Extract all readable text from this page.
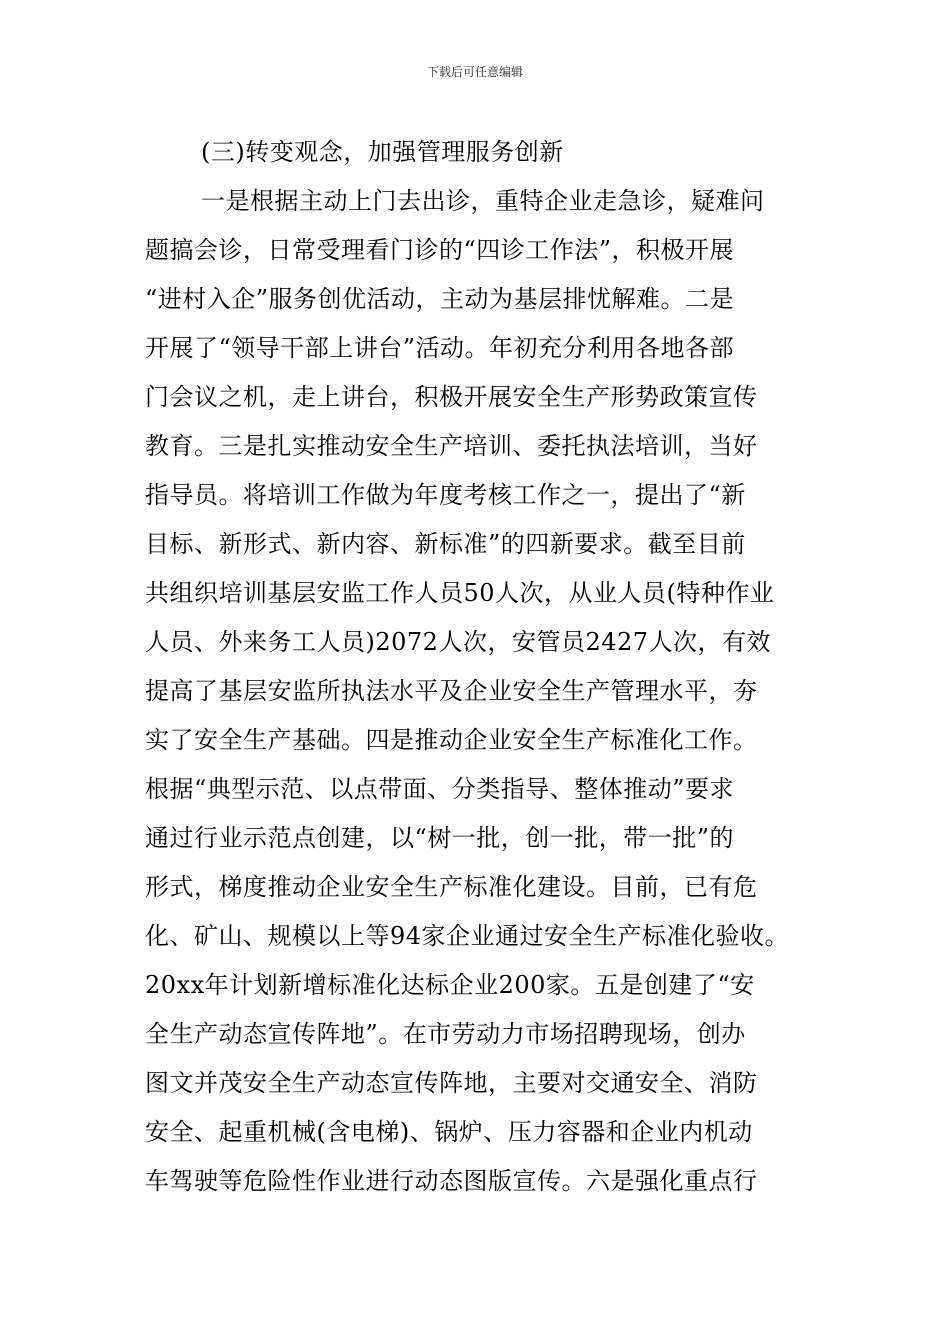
下载后可任意编辑
(三)转变观念，加强管理服务创新
一是根据主动上门去出诊，重特企业走急诊，疑难问
题搞会诊，日常受理看门诊的“四诊工作法”，积极开展
“进村入企”服务创优活动，主动为基层排忧解难。二是
开展了“领导干部上讲台”活动。年初充分利用各地各部
门会议之机，走上讲台，积极开展安全生产形势政策宣传
教育。三是扎实推动安全生产培训、委托执法培训，当好
指导员。将培训工作做为年度考核工作之一，提出了“新
目标、新形式、新内容、新标准”的四新要求。截至目前
共组织培训基层安监工作人员50人次，从业人员(特种作业
人员、外来务工人员)2072人次，安管员2427人次，有效
提高了基层安监所执法水平及企业安全生产管理水平，夯
实了安全生产基础。四是推动企业安全生产标准化工作。
根据“典型示范、以点带面、分类指导、整体推动”要求
通过行业示范点创建，以“树一批，创一批，带一批”的
形式，梯度推动企业安全生产标准化建设。目前，已有危
化、矿山、规模以上等94家企业通过安全生产标准化验收。
20xx年计划新增标准化达标企业200家。五是创建了“安
全生产动态宣传阵地”。在市劳动力市场招聘现场，创办
图文并茂安全生产动态宣传阵地，主要对交通安全、消防
安全、起重机械(含电梯)、锅炉、压力容器和企业内机动
车驾驶等危险性作业进行动态图版宣传。六是强化重点行
